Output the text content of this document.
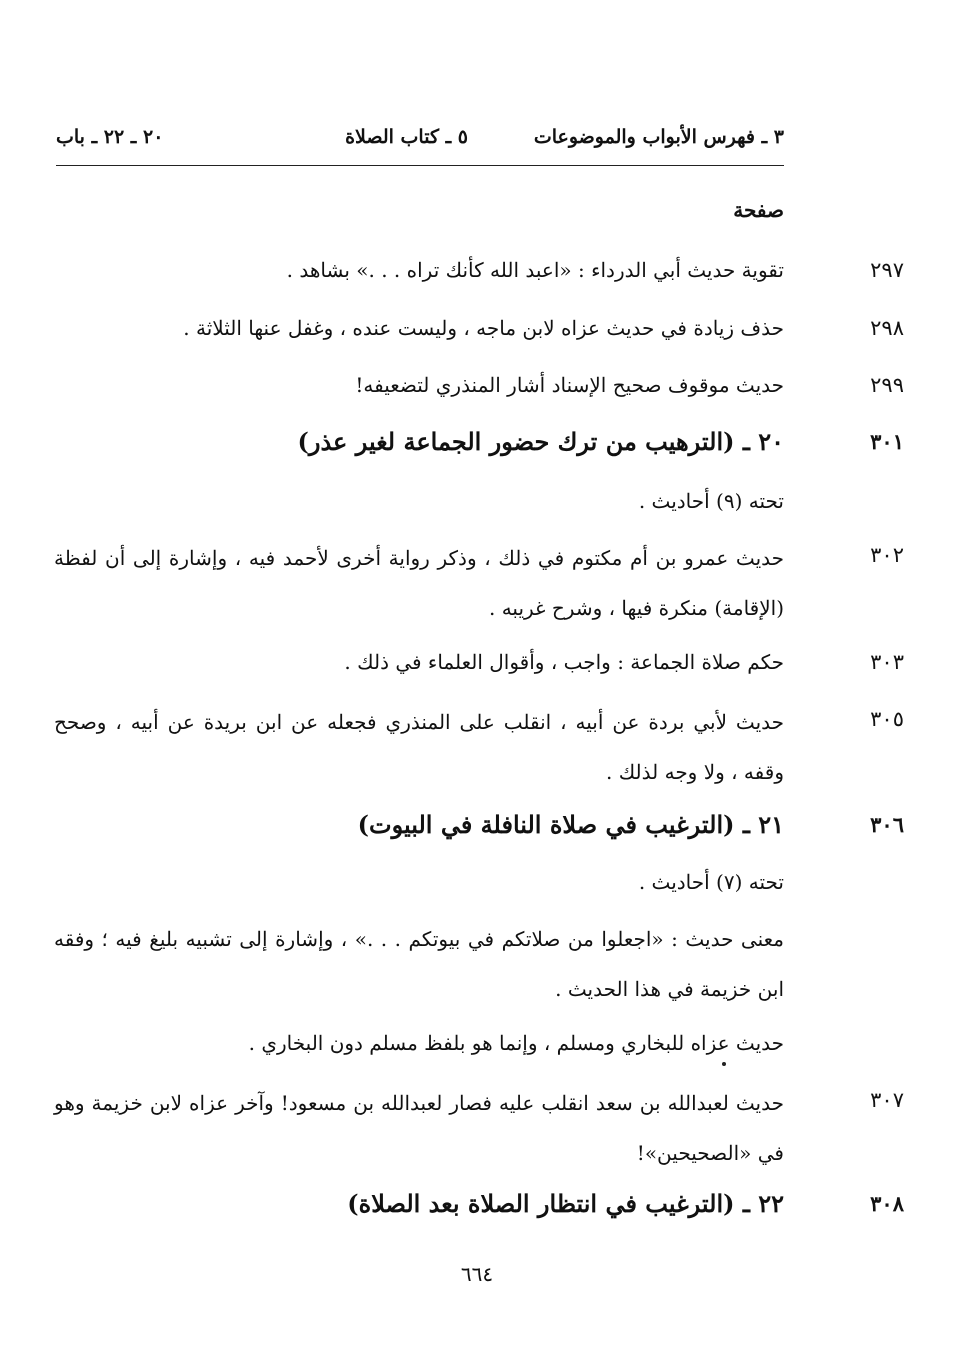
٣ ـ فهرس الأبواب والموضوعات
٥ ـ كتاب الصلاة
٢٠ ـ ٢٢ ـ باب
صفحة
٢٩٧
تقوية حديث أبي الدرداء : «اعبد الله كأنك تراه . . .» بشاهد .
٢٩٨
حذف زيادة في حديث عزاه لابن ماجه ، وليست عنده ، وغفل عنها الثلاثة .
٢٩٩
حديث موقوف صحيح الإسناد أشار المنذري لتضعيفه!
٣٠١
٢٠ ـ (الترهيب من ترك حضور الجماعة لغير عذر)
تحته (٩) أحاديث .
٣٠٢
حديث عمرو بن أم مكتوم في ذلك ، وذكر رواية أخرى لأحمد فيه ، وإشارة إلى أن لفظة (الإقامة) منكرة فيها ، وشرح غريبه .
٣٠٣
حكم صلاة الجماعة : واجب ، وأقوال العلماء في ذلك .
٣٠٥
حديث لأبي بردة عن أبيه ، انقلب على المنذري فجعله عن ابن بريدة عن أبيه ، وصحح وقفه ، ولا وجه لذلك .
٣٠٦
٢١ ـ (الترغيب في صلاة النافلة في البيوت)
تحته (٧) أحاديث .
معنى حديث : «اجعلوا من صلاتكم في بيوتكم . . .» ، وإشارة إلى تشبيه بليغ فيه ؛ وفقه ابن خزيمة في هذا الحديث .
حديث عزاه للبخاري ومسلم ، وإنما هو بلفظ مسلم دون البخاري .
٣٠٧
حديث لعبدالله بن سعد انقلب عليه فصار لعبدالله بن مسعود! وآخر عزاه لابن خزيمة وهو في «الصحيحين»!
٣٠٨
٢٢ ـ (الترغيب في انتظار الصلاة بعد الصلاة)
٦٦٤
